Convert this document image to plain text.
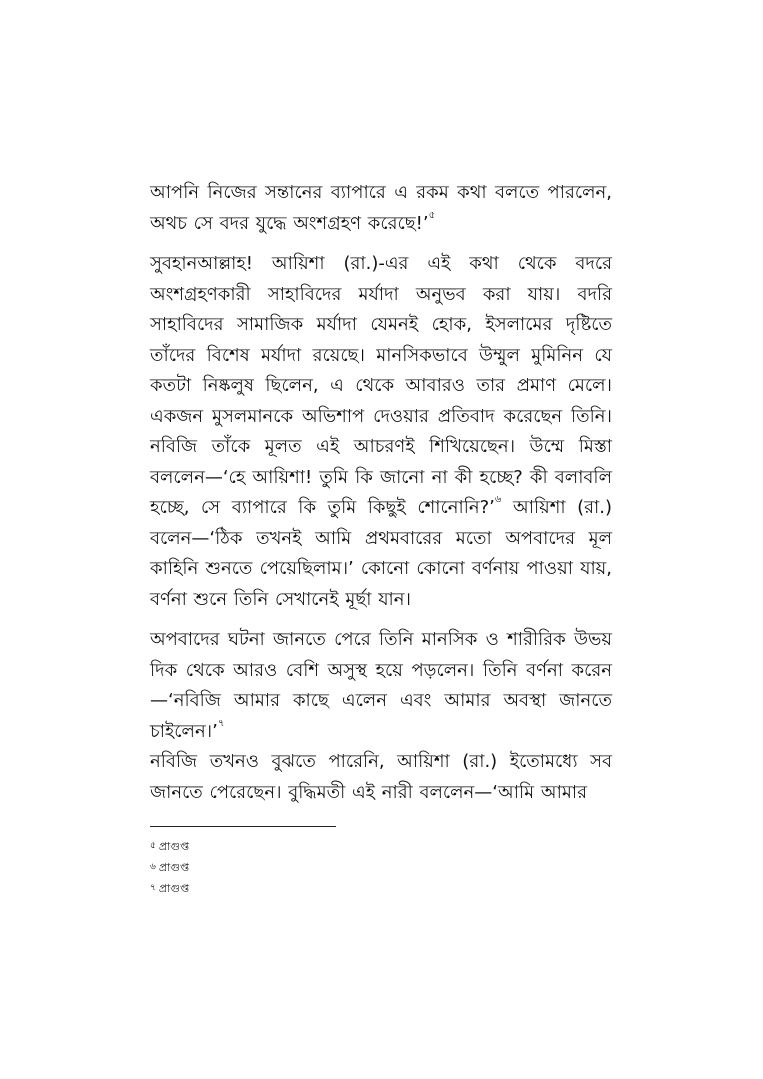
আপনি নিজের সন্তানের ব্যাপারে এ রকম কথা বলতে পারলেন, অথচ সে বদর যুদ্ধে অংশগ্রহণ করেছে!’$^৫$

সুবহানআল্লাহ! আয়িশা (রা.)-এর এই কথা থেকে বদরে অংশগ্রহণকারী সাহাবিদের মর্যাদা অনুভব করা যায়। বদরি সাহাবিদের সামাজিক মর্যাদা যেমনই হোক, ইসলামের দৃষ্টিতে তাঁদের বিশেষ মর্যাদা রয়েছে। মানসিকভাবে উম্মুল মুমিনিন যে কতটা নিষ্কলুষ ছিলেন, এ থেকে আবারও তার প্রমাণ মেলে। একজন মুসলমানকে অভিশাপ দেওয়ার প্রতিবাদ করেছেন তিনি। নবিজি তাঁকে মূলত এই আচরণই শিখিয়েছেন। উম্মে মিস্তা বললেন—‘হে আয়িশা! তুমি কি জানো না কী হচ্ছে? কী বলাবলি হচ্ছে, সে ব্যাপারে কি তুমি কিছুই শোনোনি?’$^৬$ আয়িশা (রা.) বলেন—‘ঠিক তখনই আমি প্রথমবারের মতো অপবাদের মূল কাহিনি শুনতে পেয়েছিলাম।’ কোনো কোনো বর্ণনায় পাওয়া যায়, বর্ণনা শুনে তিনি সেখানেই মূর্ছা যান।

অপবাদের ঘটনা জানতে পেরে তিনি মানসিক ও শারীরিক উভয় দিক থেকে আরও বেশি অসুস্থ হয়ে পড়লেন। তিনি বর্ণনা করেন—‘নবিজি আমার কাছে এলেন এবং আমার অবস্থা জানতে চাইলেন।’$^৭$

নবিজি তখনও বুঝতে পারেনি, আয়িশা (রা.) ইতোমধ্যে সব জানতে পেরেছেন। বুদ্ধিমতী এই নারী বললেন—‘আমি আমার

$^৫$ প্রাগুপ্ত
$^৬$ প্রাগুপ্ত
$^৭$ প্রাগুপ্ত
